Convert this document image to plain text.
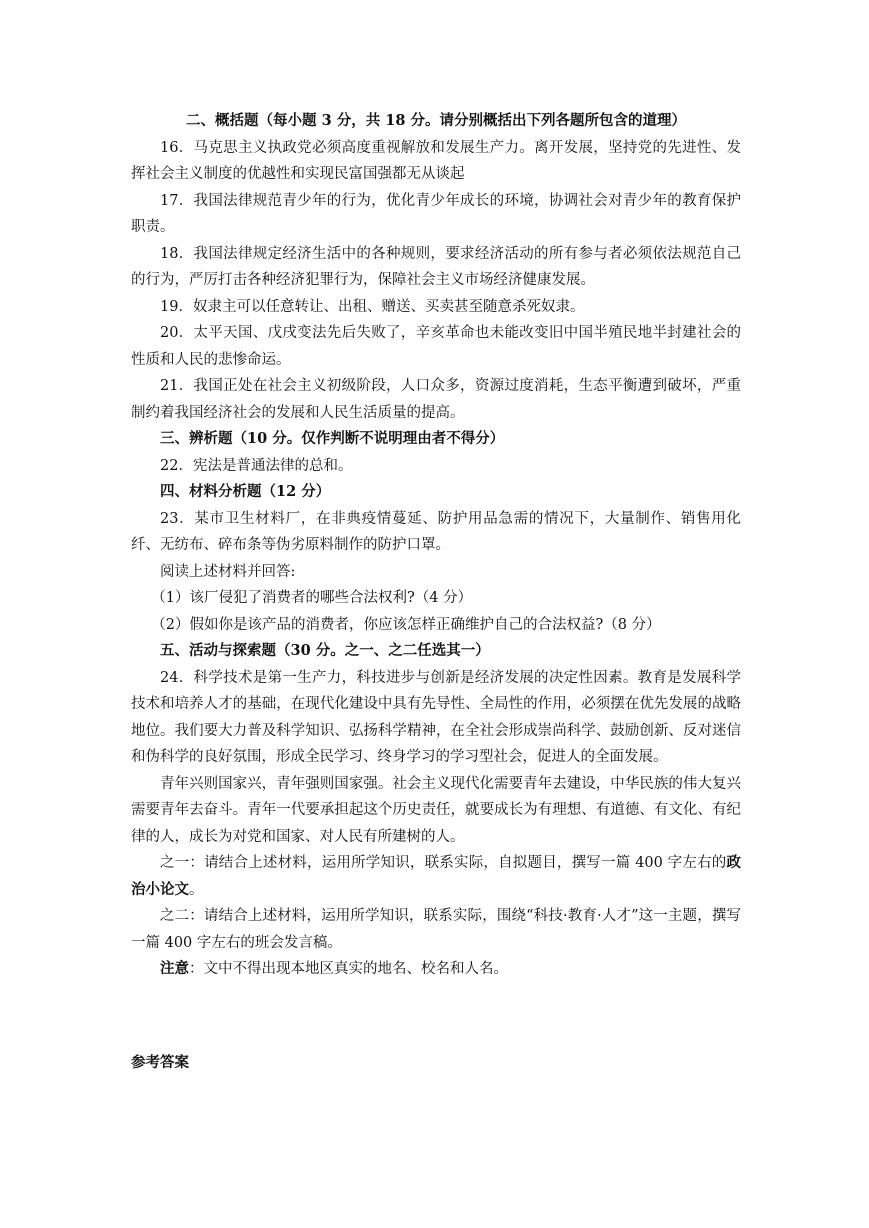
二、概括题（每小题 3 分，共 18 分。请分别概括出下列各题所包含的道理）
16．马克思主义执政党必须高度重视解放和发展生产力。离开发展，坚持党的先进性、发挥社会主义制度的优越性和实现民富国强都无从谈起
17．我国法律规范青少年的行为，优化青少年成长的环境，协调社会对青少年的教育保护职责。
18．我国法律规定经济生活中的各种规则，要求经济活动的所有参与者必须依法规范自己的行为，严厉打击各种经济犯罪行为，保障社会主义市场经济健康发展。
19．奴隶主可以任意转让、出租、赠送、买卖甚至随意杀死奴隶。
20．太平天国、戊戌变法先后失败了，辛亥革命也未能改变旧中国半殖民地半封建社会的性质和人民的悲惨命运。
21．我国正处在社会主义初级阶段，人口众多，资源过度消耗，生态平衡遭到破坏，严重制约着我国经济社会的发展和人民生活质量的提高。
三、辨析题（10 分。仅作判断不说明理由者不得分）
22．宪法是普通法律的总和。
四、材料分析题（12 分）
23．某市卫生材料厂，在非典疫情蔓延、防护用品急需的情况下，大量制作、销售用化纤、无纺布、碎布条等伪劣原料制作的防护口罩。
阅读上述材料并回答:
（1）该厂侵犯了消费者的哪些合法权利?（4 分）
（2）假如你是该产品的消费者，你应该怎样正确维护自己的合法权益?（8 分）
五、活动与探索题（30 分。之一、之二任选其一）
24．科学技术是第一生产力，科技进步与创新是经济发展的决定性因素。教育是发展科学技术和培养人才的基础，在现代化建设中具有先导性、全局性的作用，必须摆在优先发展的战略地位。我们要大力普及科学知识、弘扬科学精神，在全社会形成崇尚科学、鼓励创新、反对迷信和伪科学的良好氛围，形成全民学习、终身学习的学习型社会，促进人的全面发展。
青年兴则国家兴，青年强则国家强。社会主义现代化需要青年去建设，中华民族的伟大复兴需要青年去奋斗。青年一代要承担起这个历史责任，就要成长为有理想、有道德、有文化、有纪律的人，成长为对党和国家、对人民有所建树的人。
之一：请结合上述材料，运用所学知识，联系实际，自拟题目，撰写一篇 400 字左右的政治小论文。
之二：请结合上述材料，运用所学知识，联系实际，围绕“科技·教育·人才”这一主题，撰写一篇 400 字左右的班会发言稿。
注意：文中不得出现本地区真实的地名、校名和人名。
参考答案
